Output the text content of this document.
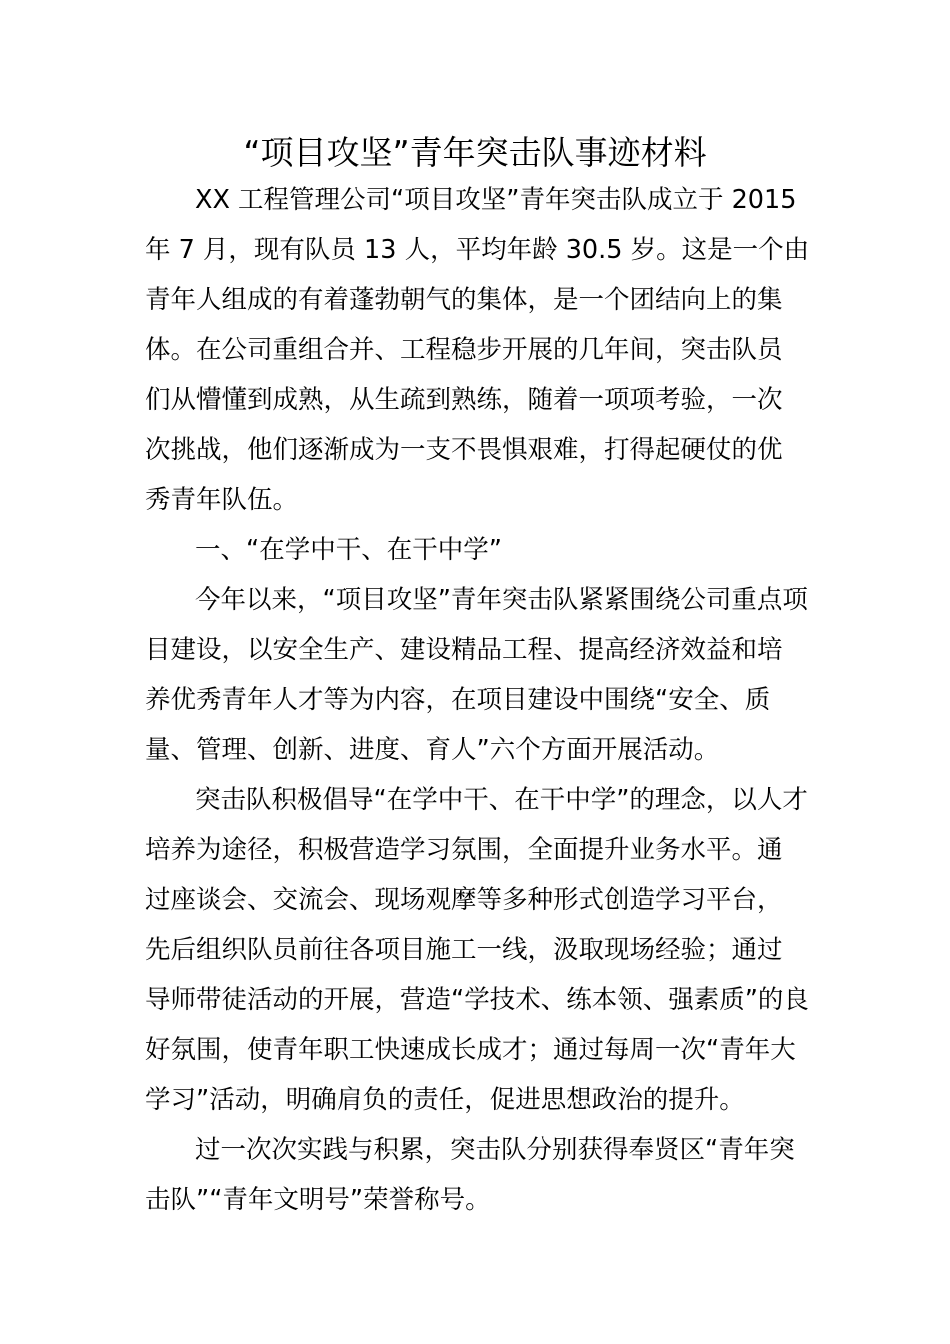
“项目攻坚”青年突击队事迹材料
XX 工程管理公司“项目攻坚”青年突击队成立于 2015
年 7 月，现有队员 13 人，平均年龄 30.5 岁。这是一个由
青年人组成的有着蓬勃朝气的集体，是一个团结向上的集
体。在公司重组合并、工程稳步开展的几年间，突击队员
们从懵懂到成熟，从生疏到熟练，随着一项项考验，一次
次挑战，他们逐渐成为一支不畏惧艰难，打得起硬仗的优
秀青年队伍。
一、“在学中干、在干中学”
今年以来，“项目攻坚”青年突击队紧紧围绕公司重点项
目建设，以安全生产、建设精品工程、提高经济效益和培
养优秀青年人才等为内容，在项目建设中围绕“安全、质
量、管理、创新、进度、育人”六个方面开展活动。
突击队积极倡导“在学中干、在干中学”的理念，以人才
培养为途径，积极营造学习氛围，全面提升业务水平。通
过座谈会、交流会、现场观摩等多种形式创造学习平台，
先后组织队员前往各项目施工一线，汲取现场经验；通过
导师带徒活动的开展，营造“学技术、练本领、强素质”的良
好氛围，使青年职工快速成长成才；通过每周一次“青年大
学习”活动，明确肩负的责任，促进思想政治的提升。
过一次次实践与积累，突击队分别获得奉贤区“青年突
击队”“青年文明号”荣誉称号。
